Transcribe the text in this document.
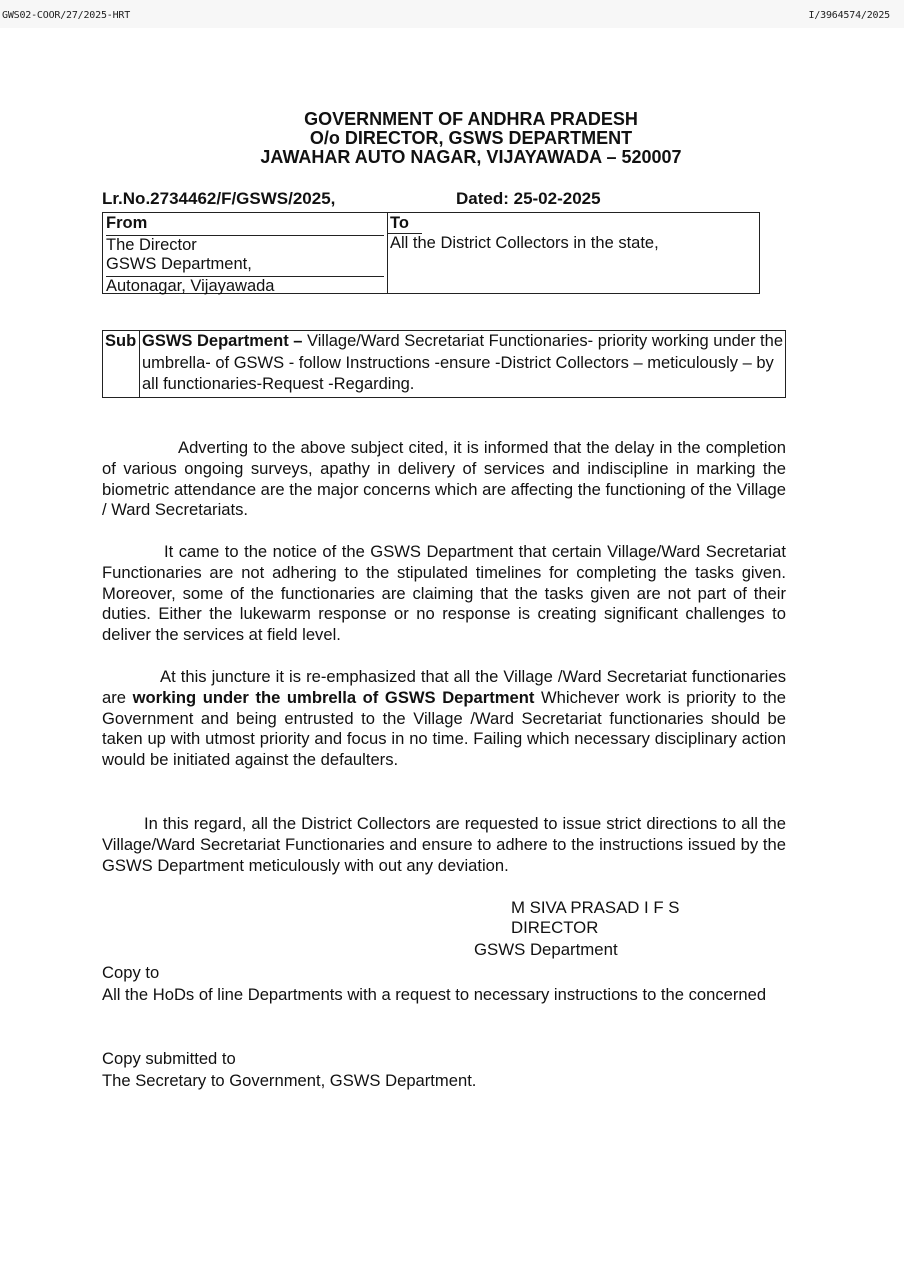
GWS02-COOR/27/2025-HRT	I/3964574/2025
GOVERNMENT OF ANDHRA PRADESH
O/o DIRECTOR, GSWS DEPARTMENT
JAWAHAR AUTO NAGAR, VIJAYAWADA – 520007
Lr.No.2734462/F/GSWS/2025,	Dated: 25-02-2025
From
The Director
GSWS Department,
Autonagar, Vijayawada
To
All the District Collectors in the state,
Sub GSWS Department – Village/Ward Secretariat Functionaries- priority working under the umbrella- of GSWS - follow Instructions -ensure -District Collectors – meticulously – by all functionaries-Request -Regarding.
Adverting to the above subject cited, it is informed that the delay in the completion of various ongoing surveys, apathy in delivery of services and indiscipline in marking the biometric attendance are the major concerns which are affecting the functioning of the Village / Ward Secretariats.
It came to the notice of the GSWS Department that certain Village/Ward Secretariat Functionaries are not adhering to the stipulated timelines for completing the tasks given. Moreover, some of the functionaries are claiming that the tasks given are not part of their duties. Either the lukewarm response or no response is creating significant challenges to deliver the services at field level.
At this juncture it is re-emphasized that all the Village /Ward Secretariat functionaries are working under the umbrella of GSWS Department Whichever work is priority to the Government and being entrusted to the Village /Ward Secretariat functionaries should be taken up with utmost priority and focus in no time. Failing which necessary disciplinary action would be initiated against the defaulters.
In this regard, all the District Collectors are requested to issue strict directions to all the Village/Ward Secretariat Functionaries and ensure to adhere to the instructions issued by the GSWS Department meticulously with out any deviation.
M SIVA PRASAD I F S
DIRECTOR
GSWS Department
Copy to
All the HoDs of line Departments with a request to necessary instructions to the concerned
Copy submitted to
The Secretary to Government, GSWS Department.
